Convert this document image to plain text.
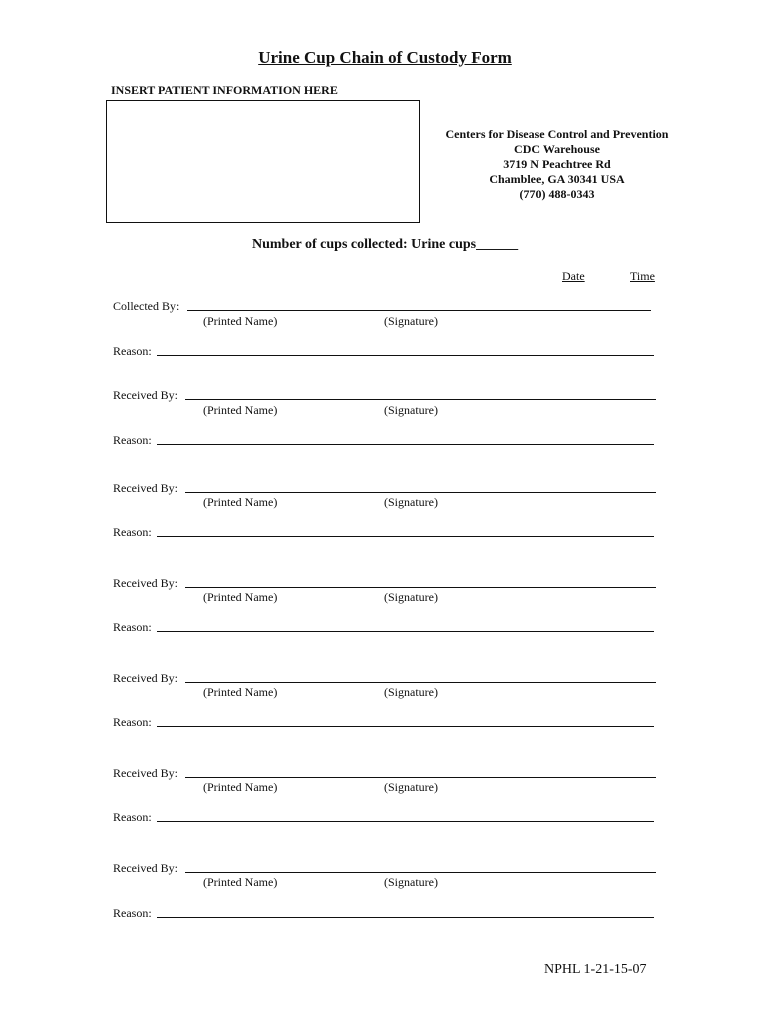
Urine Cup Chain of Custody Form
INSERT PATIENT INFORMATION HERE
Centers for Disease Control and Prevention
CDC Warehouse
3719 N Peachtree Rd
Chamblee, GA 30341 USA
(770) 488-0343
Number of cups collected: Urine cups______
Date	Time
Collected By:
(Printed Name)	(Signature)
Reason:
Received By:
(Printed Name)	(Signature)
Reason:
Received By:
(Printed Name)	(Signature)
Reason:
Received By:
(Printed Name)	(Signature)
Reason:
Received By:
(Printed Name)	(Signature)
Reason:
Received By:
(Printed Name)	(Signature)
Reason:
Received By:
(Printed Name)	(Signature)
Reason:
NPHL 1-21-15-07
